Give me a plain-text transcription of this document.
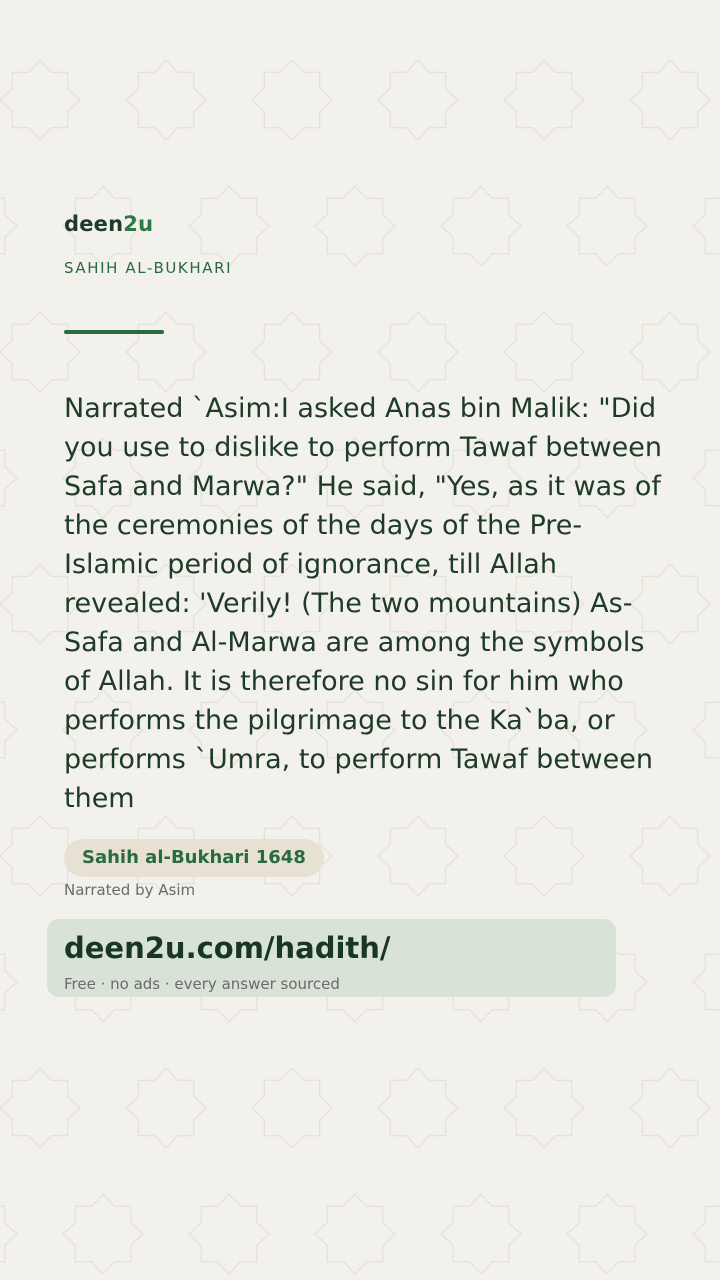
deen2u
SAHIH AL-BUKHARI

Narrated `Asim:I asked Anas bin Malik: "Did you use to dislike to perform Tawaf between Safa and Marwa?" He said, "Yes, as it was of the ceremonies of the days of the Pre-Islamic period of ignorance, till Allah revealed: 'Verily! (The two mountains) As-Safa and Al-Marwa are among the symbols of Allah. It is therefore no sin for him who performs the pilgrimage to the Ka`ba, or performs `Umra, to perform Tawaf between them

Sahih al-Bukhari 1648
Narrated by Asim
deen2u.com/hadith/
Free · no ads · every answer sourced
